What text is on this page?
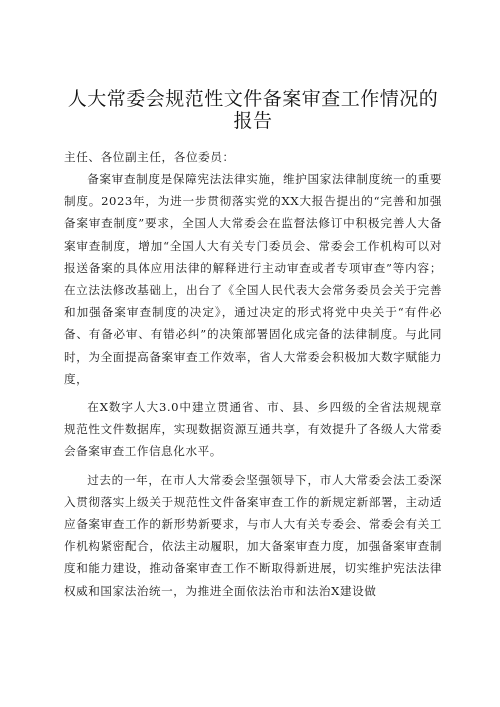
人大常委会规范性文件备案审查工作情况的报告

主任、各位副主任，各位委员：

备案审查制度是保障宪法法律实施，维护国家法律制度统一的重要制度。2023年，为进一步贯彻落实党的XX大报告提出的“完善和加强备案审查制度”要求，全国人大常委会在监督法修订中积极完善人大备案审查制度，增加“全国人大有关专门委员会、常委会工作机构可以对报送备案的具体应用法律的解释进行主动审查或者专项审查”等内容；在立法法修改基础上，出台了《全国人民代表大会常务委员会关于完善和加强备案审查制度的决定》，通过决定的形式将党中央关于“有件必备、有备必审、有错必纠”的决策部署固化成完备的法律制度。与此同时，为全面提高备案审查工作效率，省人大常委会积极加大数字赋能力度，

在X数字人大3.0中建立贯通省、市、县、乡四级的全省法规规章规范性文件数据库，实现数据资源互通共享，有效提升了各级人大常委会备案审查工作信息化水平。

过去的一年，在市人大常委会坚强领导下，市人大常委会法工委深入贯彻落实上级关于规范性文件备案审查工作的新规定新部署，主动适应备案审查工作的新形势新要求，与市人大有关专委会、常委会有关工作机构紧密配合，依法主动履职，加大备案审查力度，加强备案审查制度和能力建设，推动备案审查工作不断取得新进展，切实维护宪法法律权威和国家法治统一，为推进全面依法治市和法治X建设做
